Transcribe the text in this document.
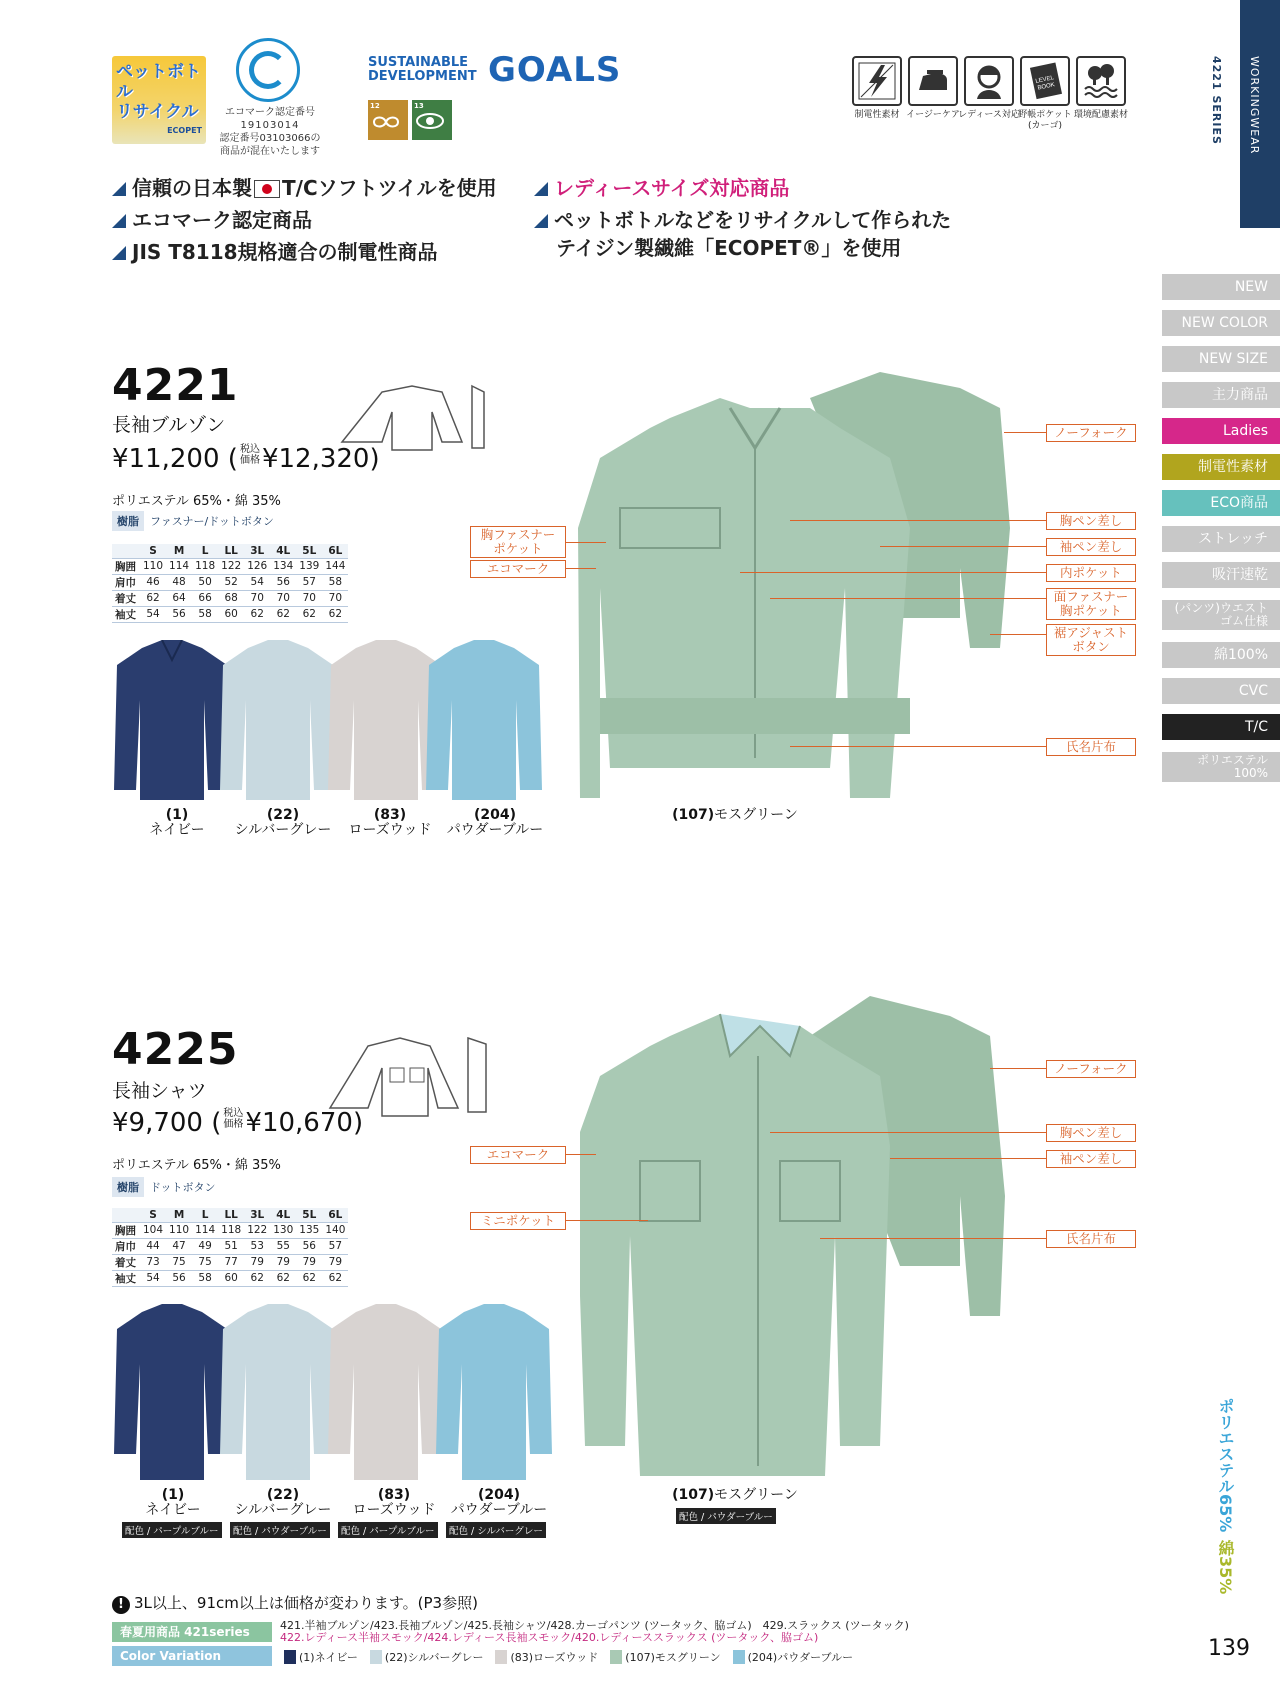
ペットボトル
リサイクル
ECOPET
エコマーク認定番号
19103014
認定番号03103066の
商品が混在いたします
SUSTAINABLE
DEVELOPMENT GOALS
12	13
LEVEL
BOOK
制電性素材 イージーケア
レディース対応
野帳ポケット
(カーゴ)
環境配慮素材	4221 SERIES WORKINGWEAR
信頼の日本製 T/Cソフトツイルを使用
エコマーク認定商品
JIS T8118規格適合の制電性商品
レディースサイズ対応商品
ペットボトルなどをリサイクルして作られた
テイジン製繊維「ECOPET®」を使用
NEW
NEW COLOR
NEW SIZE
主力商品
Ladies
制電性素材
ECO商品
ストレッチ
吸汗速乾
(パンツ)ウエスト
ゴム仕様
綿100%
CVC
T/C
ポリエステル
100%
4221
長袖ブルゾン
¥11,200 ( 税込
価格¥12,320)
ポリエステル 65%・綿 35%
樹脂 ファスナー/ドットボタン
	S	M	L	LL	3L	4L	5L	6L
胸囲	110	114	118	122	126	134	139	144
肩巾	46	48	50	52	54	56	57	58
着丈	62	64	66	68	70	70	70	70
袖丈	54	56	58	60	62	62	62	62
(1)
ネイビー
(22)
シルバーグレー
(83)
ローズウッド
(204)
パウダーブルー
(107)モスグリーン
胸ファスナー
ポケット
エコマーク
ノーフォーク
胸ペン差し
袖ペン差し
内ポケット
面ファスナー
胸ポケット
裾アジャスト
ボタン
氏名片布
4225
長袖シャツ
¥9,700 ( 税込
価格¥10,670)
ポリエステル 65%・綿 35%
樹脂 ドットボタン
	S	M	L	LL	3L	4L	5L	6L
胸囲	104	110	114	118	122	130	135	140
肩巾	44	47	49	51	53	55	56	57
着丈	73	75	75	77	79	79	79	79
袖丈	54	56	58	60	62	62	62	62
(1)
ネイビー
(22)
シルバーグレー
(83)
ローズウッド
(204)
パウダーブルー
配色 / パープルブルー	配色 / パウダーブルー	配色 / パープルブルー	配色 / シルバーグレー
(107)モスグリーン
配色 / パウダーブルー
エコマーク
ミニポケット
ノーフォーク
胸ペン差し
袖ペン差し
氏名片布
ポリエステル65%
綿35%
! 3L以上、91cm以上は価格が変わります。(P3参照)
春夏用商品 421series	421.半袖ブルゾン/423.長袖ブルゾン/425.長袖シャツ/428.カーゴパンツ (ツータック、脇ゴム)　429.スラックス (ツータック)
422.レディース半袖スモック/424.レディース長袖スモック/420.レディーススラックス (ツータック、脇ゴム)
Color Variation	(1)ネイビー (22)シルバーグレー (83)ローズウッド (107)モスグリーン (204)パウダーブルー	139
